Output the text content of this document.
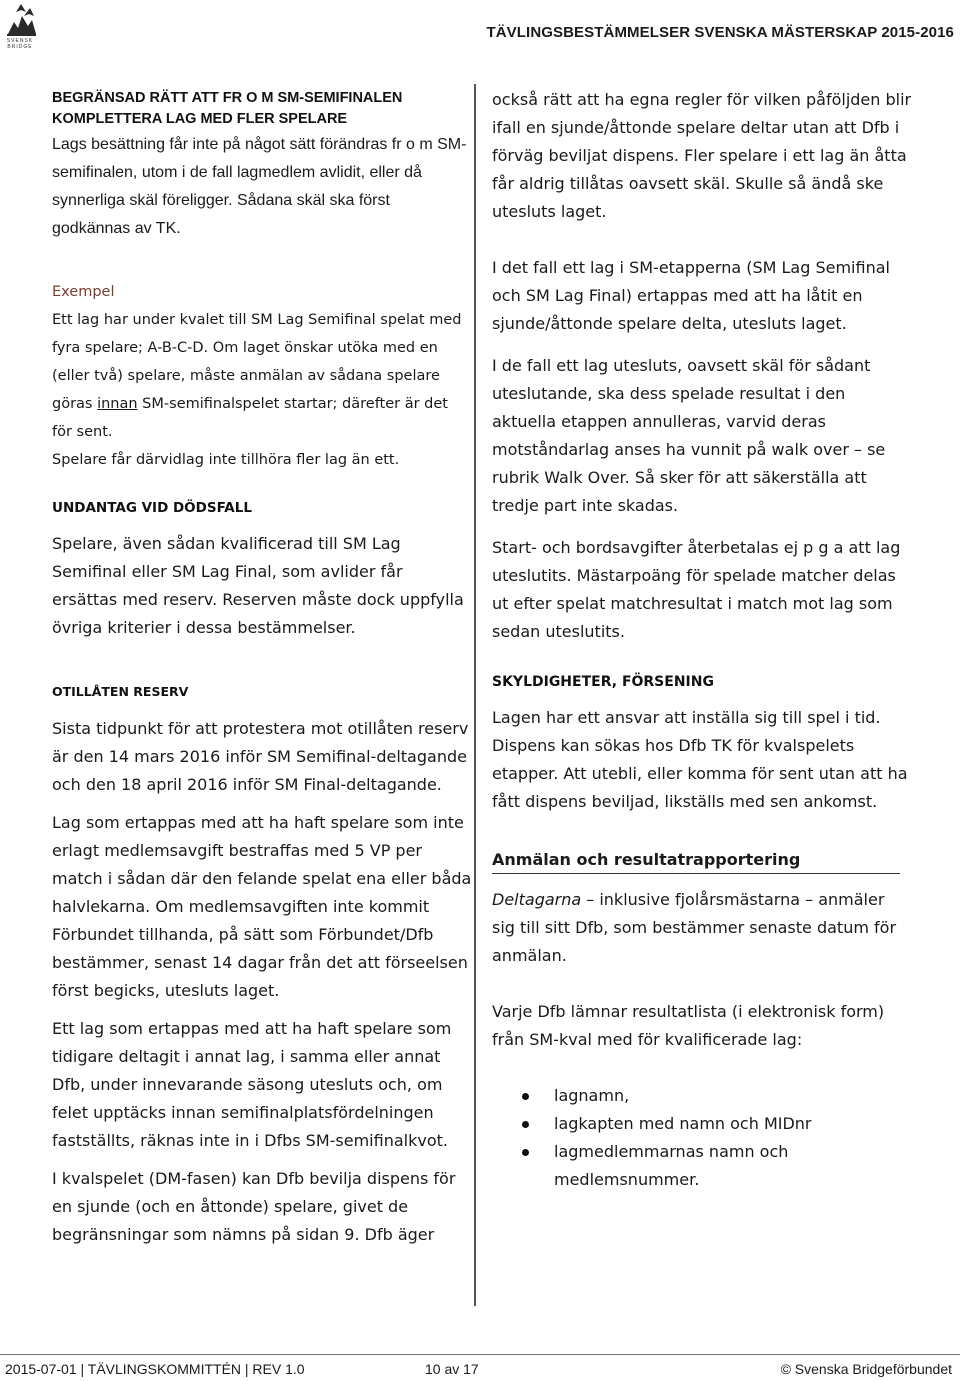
SVENSK BRIDGE
TÄVLINGSBESTÄMMELSER SVENSKA MÄSTERSKAP 2015-2016

BEGRÄNSAD RÄTT ATT FR O M SM-SEMIFINALEN
KOMPLETTERA LAG MED FLER SPELARE

Lags besättning får inte på något sätt förändras fr o m SM-semifinalen, utom i de fall lagmedlem avlidit, eller då synnerliga skäl föreligger. Sådana skäl ska först godkännas av TK.

Exempel

Ett lag har under kvalet till SM Lag Semifinal spelat med fyra spelare; A-B-C-D. Om laget önskar utöka med en (eller två) spelare, måste anmälan av sådana spelare göras innan SM-semifinalspelet startar; därefter är det för sent.

Spelare får därvidlag inte tillhöra fler lag än ett.

UNDANTAG VID DÖDSFALL

Spelare, även sådan kvalificerad till SM Lag Semifinal eller SM Lag Final, som avlider får ersättas med reserv. Reserven måste dock uppfylla övriga kriterier i dessa bestämmelser.

OTILLÅTEN RESERV

Sista tidpunkt för att protestera mot otillåten reserv är den 14 mars 2016 inför SM Semifinal-deltagande och den 18 april 2016 inför SM Final-deltagande.

Lag som ertappas med att ha haft spelare som inte erlagt medlemsavgift bestraffas med 5 VP per match i sådan där den felande spelat ena eller båda halvlekarna. Om medlemsavgiften inte kommit Förbundet tillhanda, på sätt som Förbundet/Dfb bestämmer, senast 14 dagar från det att förseelsen först begicks, utesluts laget.

Ett lag som ertappas med att ha haft spelare som tidigare deltagit i annat lag, i samma eller annat Dfb, under innevarande säsong utesluts och, om felet upptäcks innan semifinalplatsfördelningen fastställts, räknas inte in i Dfbs SM-semifinalkvot.

I kvalspelet (DM-fasen) kan Dfb bevilja dispens för en sjunde (och en åttonde) spelare, givet de begränsningar som nämns på sidan 9. Dfb äger

också rätt att ha egna regler för vilken påföljden blir ifall en sjunde/åttonde spelare deltar utan att Dfb i förväg beviljat dispens. Fler spelare i ett lag än åtta får aldrig tillåtas oavsett skäl. Skulle så ändå ske utesluts laget.

I det fall ett lag i SM-etapperna (SM Lag Semifinal och SM Lag Final) ertappas med att ha låtit en sjunde/åttonde spelare delta, utesluts laget.

I de fall ett lag utesluts, oavsett skäl för sådant uteslutande, ska dess spelade resultat i den aktuella etappen annulleras, varvid deras motståndarlag anses ha vunnit på walk over – se rubrik Walk Over. Så sker för att säkerställa att tredje part inte skadas.

Start- och bordsavgifter återbetalas ej p g a att lag uteslutits. Mästarpoäng för spelade matcher delas ut efter spelat matchresultat i match mot lag som sedan uteslutits.

SKYLDIGHETER, FÖRSENING

Lagen har ett ansvar att inställa sig till spel i tid. Dispens kan sökas hos Dfb TK för kvalspelets etapper. Att utebli, eller komma för sent utan att ha fått dispens beviljad, likställs med sen ankomst.

Anmälan och resultatrapportering

Deltagarna – inklusive fjolårsmästarna – anmäler sig till sitt Dfb, som bestämmer senaste datum för anmälan.

Varje Dfb lämnar resultatlista (i elektronisk form) från SM-kval med för kvalificerade lag:

lagnamn,
lagkapten med namn och MIDnr
lagmedlemmarnas namn och medlemsnummer.
2015-07-01 | TÄVLINGSKOMMITTÉN | REV 1.0	10 av 17	© Svenska Bridgeförbundet
